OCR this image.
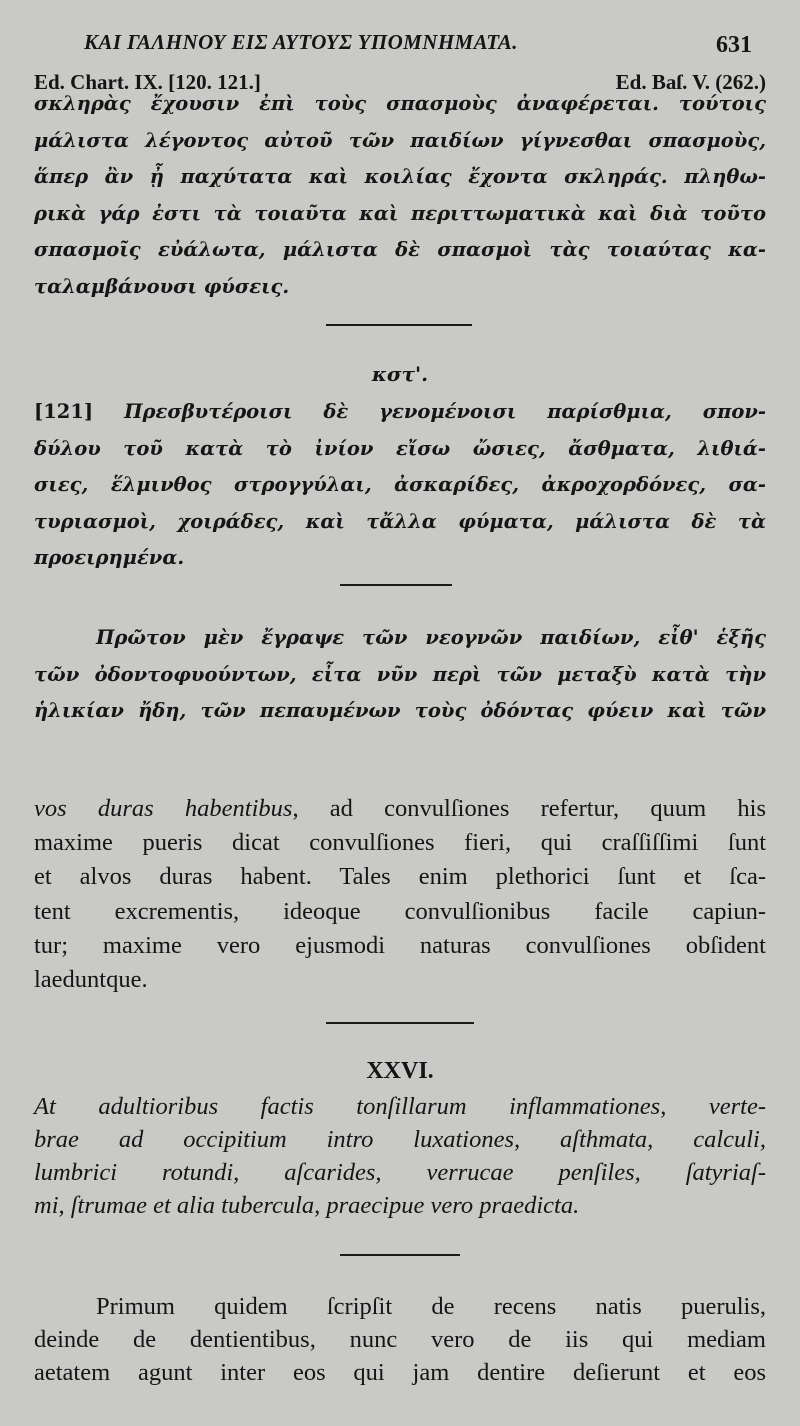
ΚΑΙ ΓΑΛΗΝΟΥ ΕΙΣ ΑΥΤΟΥΣ ΥΠΟΜΝΗΜΑΤΑ.	631
Ed. Chart. IX. [120. 121.]	Ed. Baſ. V. (262.)
σκληρὰς ἔχουσιν ἐπὶ τοὺς σπασμοὺς ἀναφέρεται. τούτοις
μάλιστα λέγοντος αὐτοῦ τῶν παιδίων γίγνεσθαι σπασμοὺς,
ἅπερ ἂν ᾖ παχύτατα καὶ κοιλίας ἔχοντα σκληράς. πληθω-
ρικὰ γάρ ἐστι τὰ τοιαῦτα καὶ περιττωματικὰ καὶ διὰ τοῦτο
σπασμοῖς εὐάλωτα, μάλιστα δὲ σπασμοὶ τὰς τοιαύτας κα-
ταλαμβάνουσι φύσεις.
κστ'.
[121] Πρεσβυτέροισι δὲ γενομένοισι παρίσθμια, σπον-
δύλου τοῦ κατὰ τὸ ἰνίον εἴσω ὤσιες, ἄσθματα, λιθιά-
σιες, ἕλμινθος στρογγύλαι, ἀσκαρίδες, ἀκροχορδόνες, σα-
τυριασμοὶ, χοιράδες, καὶ τἄλλα φύματα, μάλιστα δὲ τὰ
προειρημένα.
Πρῶτον μὲν ἔγραψε τῶν νεογνῶν παιδίων, εἶθ' ἑξῆς
τῶν ὀδοντοφυούντων, εἶτα νῦν περὶ τῶν μεταξὺ κατὰ τὴν
ἡλικίαν ἤδη, τῶν πεπαυμένων τοὺς ὀδόντας φύειν καὶ τῶν
vos duras habentibus, ad convulſiones refertur, quum his
maxime pueris dicat convulſiones fieri, qui craſſiſſimi ſunt
et alvos duras habent. Tales enim plethorici ſunt et ſca-
tent excrementis, ideoque convulſionibus facile capiun-
tur; maxime vero ejusmodi naturas convulſiones obſident
laeduntque.
XXVI.
At adultioribus factis tonſillarum inflammationes, verte-
brae ad occipitium intro luxationes, aſthmata, calculi,
lumbrici rotundi, aſcarides, verrucae penſiles, ſatyriaſ-
mi, ſtrumae et alia tubercula, praecipue vero praedicta.
Primum quidem ſcripſit de recens natis puerulis,
deinde de dentientibus, nunc vero de iis qui mediam
aetatem agunt inter eos qui jam dentire deſierunt et eos
